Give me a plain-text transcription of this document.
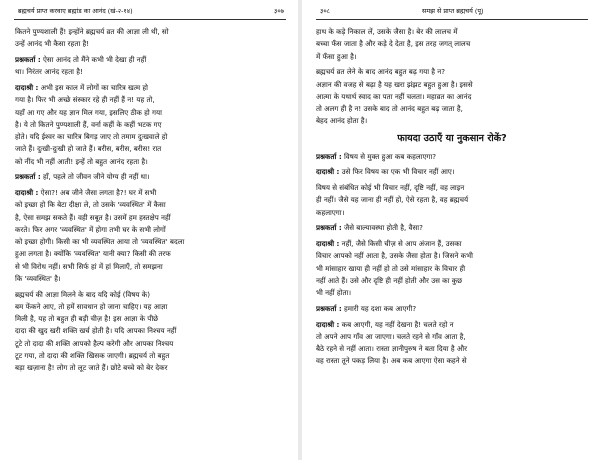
ब्रह्मचर्य प्राप्त करवाए ब्रह्मांड का आनंद (खं-२-१४)	३०७
कितने पुण्यशाली हैं! इन्होंने ब्रह्मचर्य व्रत की आज्ञा ली थी, सो
उन्हें आनंद भी कैसा रहता है!
प्रश्नकर्ता : ऐसा आनंद तो मैंने कभी भी देखा ही नहीं
था। निरंतर आनंद रहता है!
दादाश्री : अभी इस काल में लोगों का चारित्र खत्म हो
गया है। फिर भी अच्छे संस्कार रहे ही नहीं हैं न! यह तो,
यहाँ आ गए और यह ज्ञान मिल गया, इसलिए ठीक हो गया
है। ये तो कितने पुण्यशाली हैं, वर्ना कहीं के कहीं भटक गए
होते। यदि ईश्वर का चारित्र बिगड़ जाए तो तमाम दुःखवाले हो
जाते हैं। दुःखी-दुःखी हो जाते हैं। बरीस, बरीस, बरीस! रात
को नींद भी नहीं आती! इन्हें तो बहुत आनंद रहता है।
प्रश्नकर्ता : हाँ, पहले तो जीवन जीने योग्य ही नहीं था।
दादाश्री : ऐसा?! अब जीने जैसा लगता है?! घर में सभी
को इच्छा हो कि बेटा दीक्षा ले, तो उसके 'व्यवस्थित' में कैसा
है, ऐसा समझ सकते हैं। वही सबूत है। उसमें हम हस्तक्षेप नहीं
करते। फिर अगर 'व्यवस्थित' में होगा तभी घर के सभी लोगों
को इच्छा होगी। किसी का भी व्यवस्थित आया तो 'व्यवस्थित' बदला
हुआ लगता है। क्योंकि 'व्यवस्थित' यानी क्या? किसी की तरफ
से भी विरोध नहीं। सभी सिर्फ हां में हां मिलाएँ, तो समझना
कि 'व्यवस्थित' है।
ब्रह्मचर्य की आज्ञा मिलने के बाद यदि कोई (विषय के)
बम फेंकने आए, तो हमें सावधान हो जाना चाहिए। यह आज्ञा
मिली है, यह तो बहुत ही बड़ी चीज़ है! इस आज्ञा के पीछे
दादा की खुद खरी शक्ति खर्च होती है। यदि आपका निश्चय नहीं
टूटे तो दादा की शक्ति आपको हैल्प करेगी और आपका निश्चय
टूट गया, तो दादा की शक्ति खिसक जाएगी। ब्रह्मचर्य तो बहुत
बड़ा खज़ाना है! लोग तो लूट जाते हैं। छोटे बच्चे को बेर देकर
३०८	समझ से प्राप्त ब्रह्मचर्य (पू)
हाथ के कड़े निकाल लें, उसके जैसा है। बेर की लालच में
बच्चा फँस जाता है और कड़े दे देता है, इस तरह जगत् लालच
में फँसा हुआ है।
ब्रह्मचर्य व्रत लेने के बाद आनंद बहुत बढ़ गया है न?
अज्ञान की वजह से बढ़ा है यह खरा झंझट बहुत हुआ है। इससे
आत्मा के यथार्थ स्वाद का पता नहीं चलता। महाव्रत का आनंद
तो अलग ही है न! उसके बाद तो आनंद बहुत बढ़ जाता है,
बेहद आनंद होता है।
फायदा उठाएँ या नुकसान रोकें?
प्रश्नकर्ता : विषय से मुक्त हुआ कब कहलाएगा?
दादाश्री : उसे फिर विषय का एक भी विचार नहीं आए।
विषय से संबंधित कोई भी विचार नहीं, दृष्टि नहीं, वह लाइन
ही नहीं। जैसे यह जाना ही नहीं हो, ऐसे रहता है, वह ब्रह्मचर्य
कहलाएगा।
प्रश्नकर्ता : जैसे बाल्यावस्था होती है, वैसा?
दादाश्री : नहीं, जैसे किसी चीज़ से आप अंजान हैं, उसका
विचार आपको नहीं आता है, उसके जैसा होता है। जिसने कभी
भी मांसाहार खाया ही नहीं हो तो उसे मांसाहार के विचार ही
नहीं आते हैं। उसे और दृष्टि ही नहीं होती और उस का कुछ
भी नहीं होता।
प्रश्नकर्ता : हमारी यह दशा कब आएगी?
दादाश्री : कब आएगी, यह नहीं देखना है! चलते रहो न
तो अपने आप गाँव आ जाएगा। चलते रहने से गाँव आता है,
बैठे रहने से नहीं आता। रास्ता ज्ञानीपुरुष ने बता दिया है और
वह रास्ता तूने पकड़ लिया है। अब कब आएगा ऐसा कहने से
